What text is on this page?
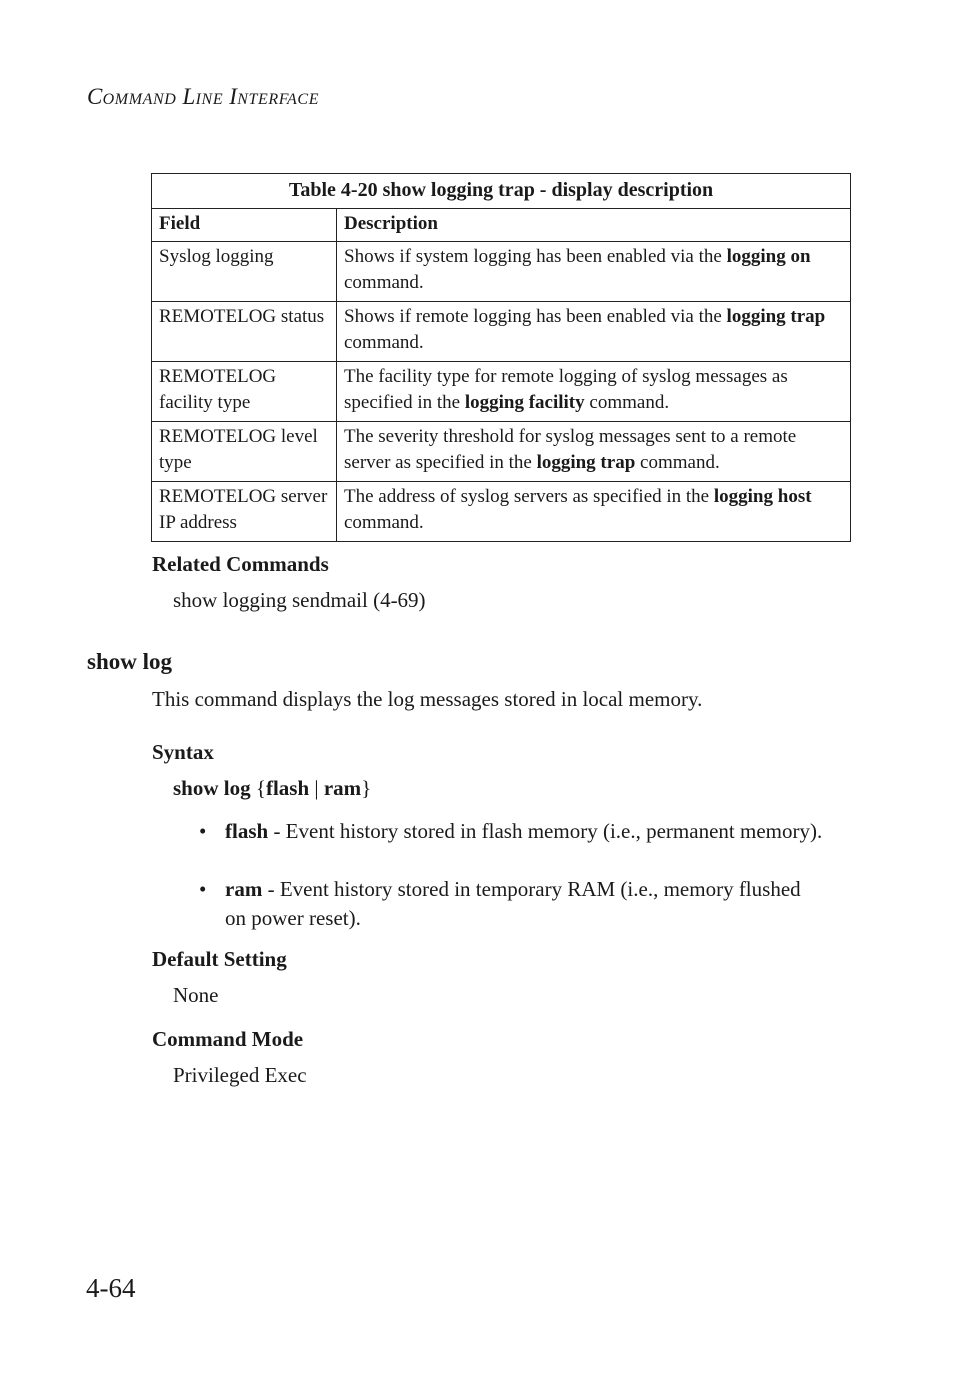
COMMAND LINE INTERFACE
Table 4-20 show logging trap - display description	
Field	Description
Syslog logging	Shows if system logging has been enabled via the logging on command.
REMOTELOG status	Shows if remote logging has been enabled via the logging trap command.
REMOTELOG facility type	The facility type for remote logging of syslog messages as specified in the logging facility command.
REMOTELOG level type	The severity threshold for syslog messages sent to a remote server as specified in the logging trap command.
REMOTELOG server IP address	The address of syslog servers as specified in the logging host command.
Related Commands
show logging sendmail (4-69)
show log
This command displays the log messages stored in local memory.
Syntax
show log {flash | ram}
• flash - Event history stored in flash memory (i.e., permanent memory).
• ram - Event history stored in temporary RAM (i.e., memory flushed on power reset).
Default Setting
None
Command Mode
Privileged Exec
4-64
